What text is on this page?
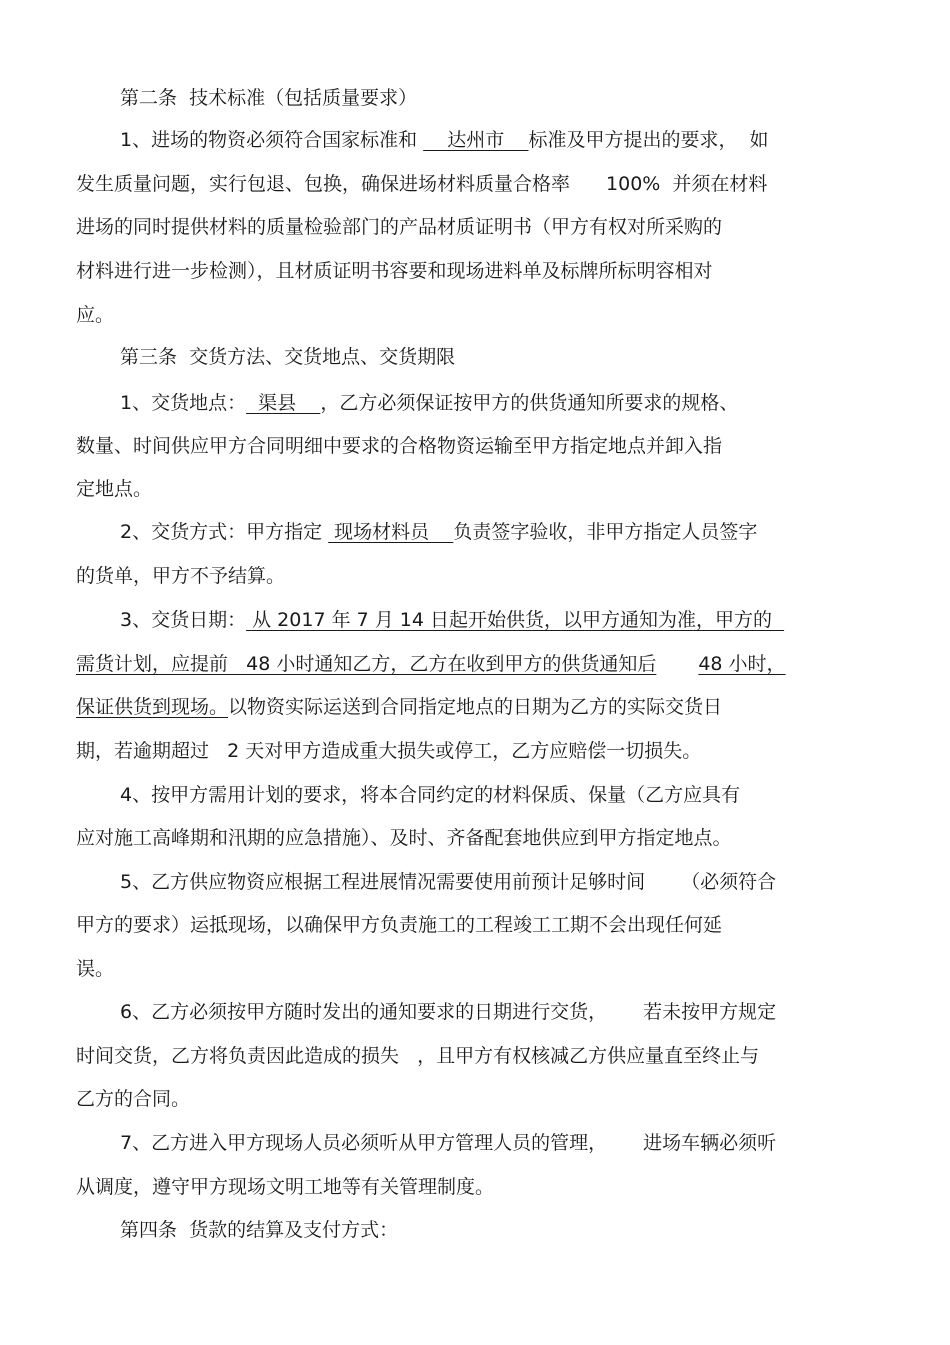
第二条  技术标准（包括质量要求）

1、进场的物资必须符合国家标准和     达州市    标准及甲方提出的要求，  如

发生质量问题，实行包退、包换，确保进场材料质量合格率 100%  并须在材料

进场的同时提供材料的质量检验部门的产品材质证明书（甲方有权对所采购的

材料进行进一步检测），且材质证明书容要和现场进料单及标牌所标明容相对

应。

第三条  交货方法、交货地点、交货期限

1、交货地点：  渠县    ，乙方必须保证按甲方的供货通知所要求的规格、

数量、时间供应甲方合同明细中要求的合格物资运输至甲方指定地点并卸入指

定地点。

2、交货方式：甲方指定  现场材料员    负责签字验收，非甲方指定人员签字

的货单，甲方不予结算。

3、交货日期： 从 2017 年 7 月 14 日起开始供货，以甲方通知为准，甲方的

需货计划，应提前   48 小时通知乙方，乙方在收到甲方的供货通知后 48 小时，

保证供货到现场。以物资实际运送到合同指定地点的日期为乙方的实际交货日

期，若逾期超过   2 天对甲方造成重大损失或停工，乙方应赔偿一切损失。

4、按甲方需用计划的要求，将本合同约定的材料保质、保量（乙方应具有

应对施工高峰期和汛期的应急措施）、及时、齐备配套地供应到甲方指定地点。

5、乙方供应物资应根据工程进展情况需要使用前预计足够时间 （必须符合

甲方的要求）运抵现场，以确保甲方负责施工的工程竣工工期不会出现任何延

误。

6、乙方必须按甲方随时发出的通知要求的日期进行交货， 若未按甲方规定

时间交货，乙方将负责因此造成的损失   ，且甲方有权核减乙方供应量直至终止与

乙方的合同。

7、乙方进入甲方现场人员必须听从甲方管理人员的管理， 进场车辆必须听

从调度，遵守甲方现场文明工地等有关管理制度。

第四条  货款的结算及支付方式：
